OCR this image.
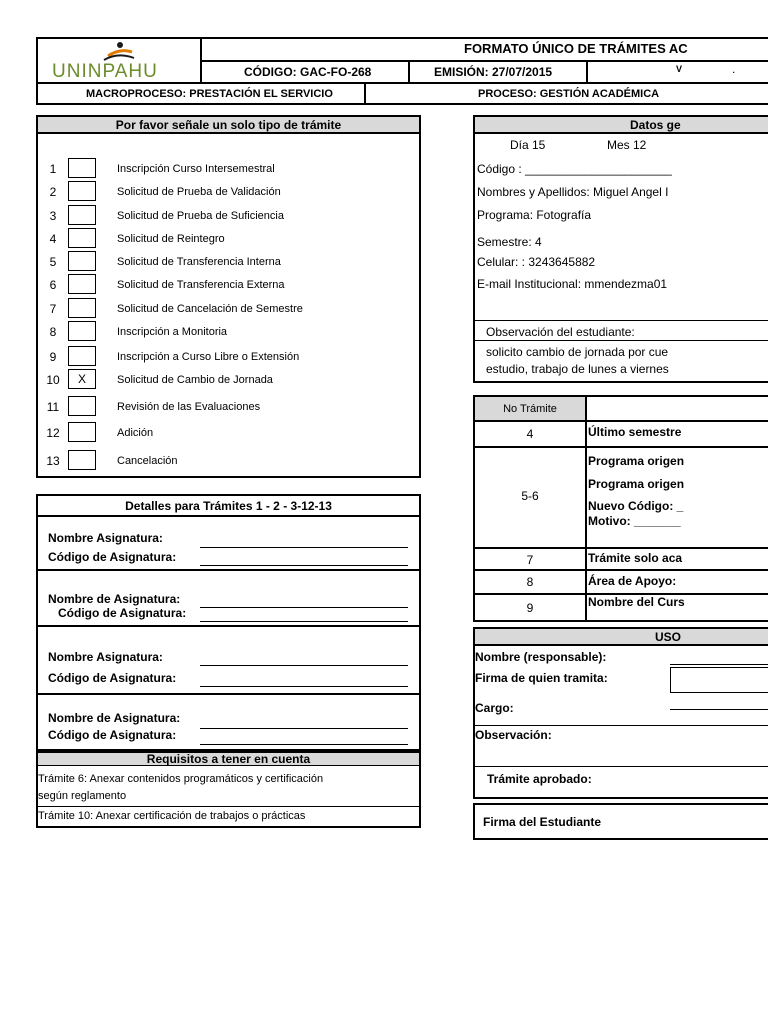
UNINPAHU
FORMATO ÚNICO DE TRÁMITES AC
CÓDIGO: GAC-FO-268	EMISIÓN: 27/07/2015	V
MACROPROCESO: PRESTACIÓN EL SERVICIO	PROCESO: GESTIÓN ACADÉMICA
.
Por favor señale un solo tipo de trámite
1	Inscripción Curso Intersemestral
2	Solicitud de Prueba de Validación
3	Solicitud de Prueba de Suficiencia
4	Solicitud de Reintegro
5	Solicitud de Transferencia Interna
6	Solicitud de Transferencia Externa
7	Solicitud de Cancelación de Semestre
8	Inscripción a Monitoria
9	Inscripción a Curso Libre o Extensión
10	X	Solicitud de Cambio de Jornada
11	Revisión de las Evaluaciones
12	Adición
13	Cancelación
Detalles para Trámites 1 - 2 - 3-12-13
Nombre Asignatura:
Código de Asignatura:
Nombre de Asignatura:
Código de Asignatura:
Nombre Asignatura:
Código de Asignatura:
Nombre de Asignatura:
Código de Asignatura:
Requisitos a tener en cuenta
Trámite 6: Anexar contenidos programáticos y certificación
según reglamento
Trámite 10: Anexar certificación de trabajos o prácticas
Datos ge
Día 15	Mes 12
Código : ______________________
Nombres y Apellidos: Miguel Angel I
Programa: Fotografía
Semestre: 4
Celular: : 3243645882
E-mail Institucional: mmendezma01
Observación del estudiante:
solicito cambio de jornada por cue
estudio, trabajo de lunes a viernes
No Trámite
4	Último semestre
5-6
Programa origen
Programa origen
Nuevo Código: _
Motivo: _______
7	Trámite solo aca
8	Área de Apoyo:
9	Nombre del Curs
USO
Nombre (responsable):
Firma de quien tramita:
Cargo:
Observación:
Trámite aprobado:
Firma del Estudiante
